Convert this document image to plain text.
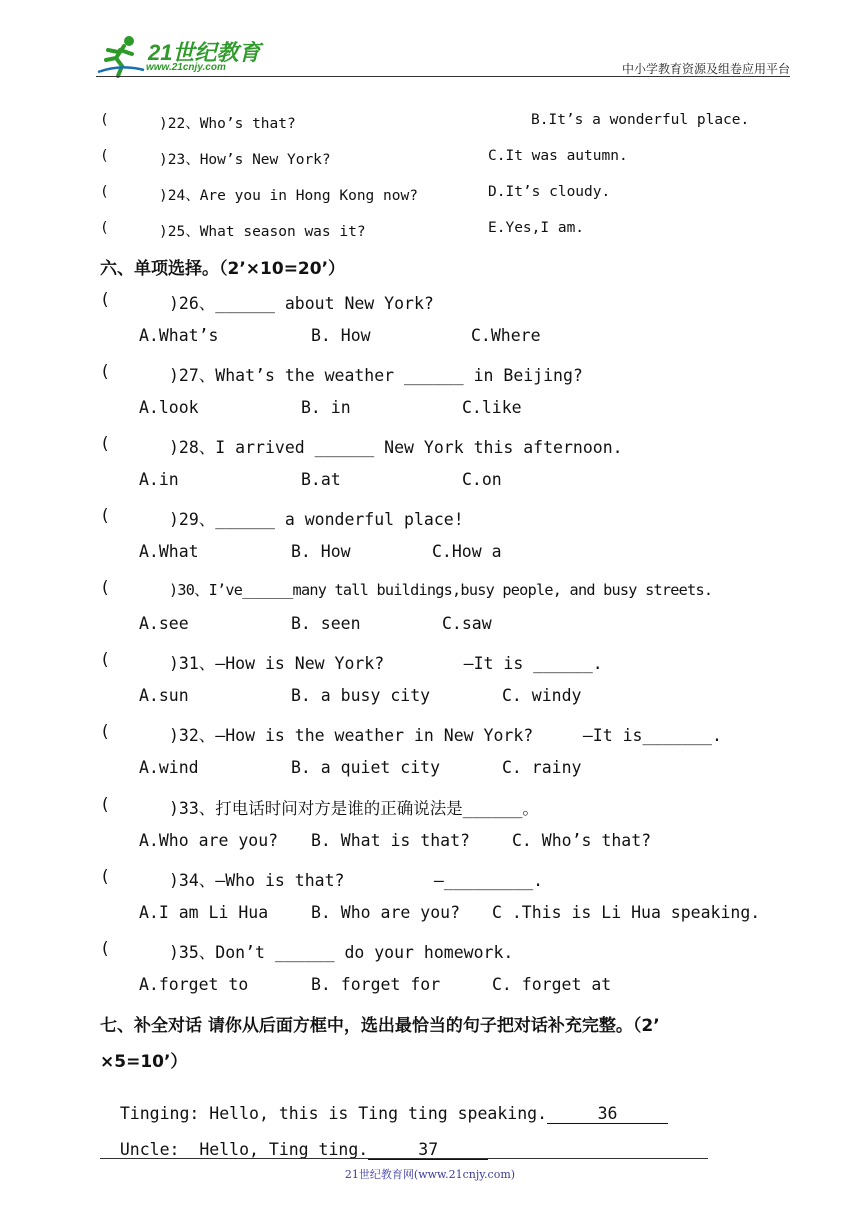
21世纪教育
www.21cnjy.com	中小学教育资源及组卷应用平台
(	)22、Who’s that?	B.It’s a wonderful place.
(	)23、How’s New York?	C.It was autumn.
(	)24、Are you in Hong Kong now?	D.It’s cloudy.
(	)25、What season was it?	E.Yes,I am.
六、单项选择。（2’×10=20’）
(	)26、______ about New York?
A.What’s	B. How	C.Where
(	)27、What’s the weather ______ in Beijing?
A.look	B. in	C.like
(	)28、I arrived ______ New York this afternoon.
A.in	B.at	C.on
(	)29、______ a wonderful place!
A.What	B. How	C.How a
(	)30、I’ve______many tall buildings,busy people, and busy streets.
A.see	B. seen	C.saw
(	)31、—How is New York?        —It is ______.
A.sun	B. a busy city	C. windy
(	)32、—How is the weather in New York?     —It is_______.
A.wind	B. a quiet city	C. rainy
(	)33、打电话时问对方是谁的正确说法是______。
A.Who are you? B. What is that?	C. Who’s that?
(	)34、—Who is that?         —_________.
A.I am Li Hua	B. Who are you? C .This is Li Hua speaking.
(	)35、Don’t ______ do your homework.
A.forget to	B. forget for	C. forget at
七、补全对话 请你从后面方框中，选出最恰当的句子把对话补充完整。（2’
×5=10’）

Tinging: Hello, this is Ting ting speaking.	36

Uncle:  Hello, Ting ting.	37

21世纪教育网(www.21cnjy.com)
